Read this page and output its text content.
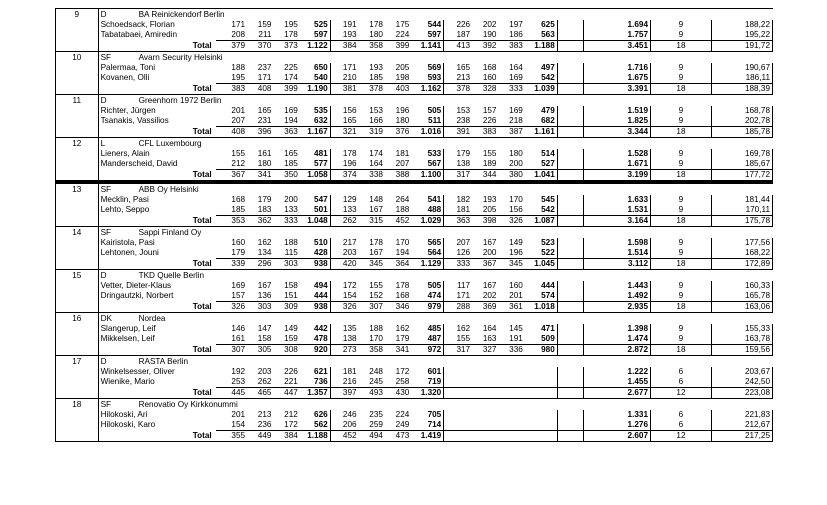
9	D BA Reinickendorf Berlin																
	Schoedsack, Florian	171	159	195	525	191	178	175	544	226	202	197	625		1.694	9	188,22
	Tabatabaei, Amiredin	208	211	178	597	193	180	224	597	187	190	186	563		1.757	9	195,22
	Total	379	370	373	1.122	384	358	399	1.141	413	392	383	1.188		3.451	18	191,72
10	SF Avarn Security Helsinki																
	Palermaa, Toni	188	237	225	650	171	193	205	569	165	168	164	497		1.716	9	190,67
	Kovanen, Olli	195	171	174	540	210	185	198	593	213	160	169	542		1.675	9	186,11
	Total	383	408	399	1.190	381	378	403	1.162	378	328	333	1.039		3.391	18	188,39
11	D Greenhorn 1972 Berlin																
	Richter, Jürgen	201	165	169	535	156	153	196	505	153	157	169	479		1.519	9	168,78
	Tsanakis, Vassilios	207	231	194	632	165	166	180	511	238	226	218	682		1.825	9	202,78
	Total	408	396	363	1.167	321	319	376	1.016	391	383	387	1.161		3.344	18	185,78
12	L CFL Luxembourg																
	Lieners, Alain	155	161	165	481	178	174	181	533	179	155	180	514		1.528	9	169,78
	Manderscheid, David	212	180	185	577	196	164	207	567	138	189	200	527		1.671	9	185,67
	Total	367	341	350	1.058	374	338	388	1.100	317	344	380	1.041		3.199	18	177,72
13	SF ABB Oy Helsinki																
	Mecklin, Pasi	168	179	200	547	129	148	264	541	182	193	170	545		1.633	9	181,44
	Lehto, Seppo	185	183	133	501	133	167	188	488	181	205	156	542		1.531	9	170,11
	Total	353	362	333	1.048	262	315	452	1.029	363	398	326	1.087		3.164	18	175,78
14	SF Sappi Finland Oy																
	Kairistola, Pasi	160	162	188	510	217	178	170	565	207	167	149	523		1.598	9	177,56
	Lehtonen, Jouni	179	134	115	428	203	167	194	564	126	200	196	522		1.514	9	168,22
	Total	339	296	303	938	420	345	364	1.129	333	367	345	1.045		3.112	18	172,89
15	D TKD Quelle Berlin																
	Vetter, Dieter-Klaus	169	167	158	494	172	155	178	505	117	167	160	444		1.443	9	160,33
	Dringautzki, Norbert	157	136	151	444	154	152	168	474	171	202	201	574		1.492	9	165,78
	Total	326	303	309	938	326	307	346	979	288	369	361	1.018		2.935	18	163,06
16	DK Nordea																
	Slangerup, Leif	146	147	149	442	135	188	162	485	162	164	145	471		1.398	9	155,33
	Mikkelsen, Leif	161	158	159	478	138	170	179	487	155	163	191	509		1.474	9	163,78
	Total	307	305	308	920	273	358	341	972	317	327	336	980		2.872	18	159,56
17	D RASTA Berlin																
	Winkelsesser, Oliver	192	203	226	621	181	248	172	601						1.222	6	203,67
	Wienike, Mario	253	262	221	736	216	245	258	719						1.455	6	242,50
	Total	445	465	447	1.357	397	493	430	1.320						2.677	12	223,08
18	SF Renovatio Oy Kirkkonummi																
	Hilokoski, Ari	201	213	212	626	246	235	224	705						1.331	6	221,83
	Hilokoski, Karo	154	236	172	562	206	259	249	714						1.276	6	212,67
	Total	355	449	384	1.188	452	494	473	1.419						2.607	12	217,25
